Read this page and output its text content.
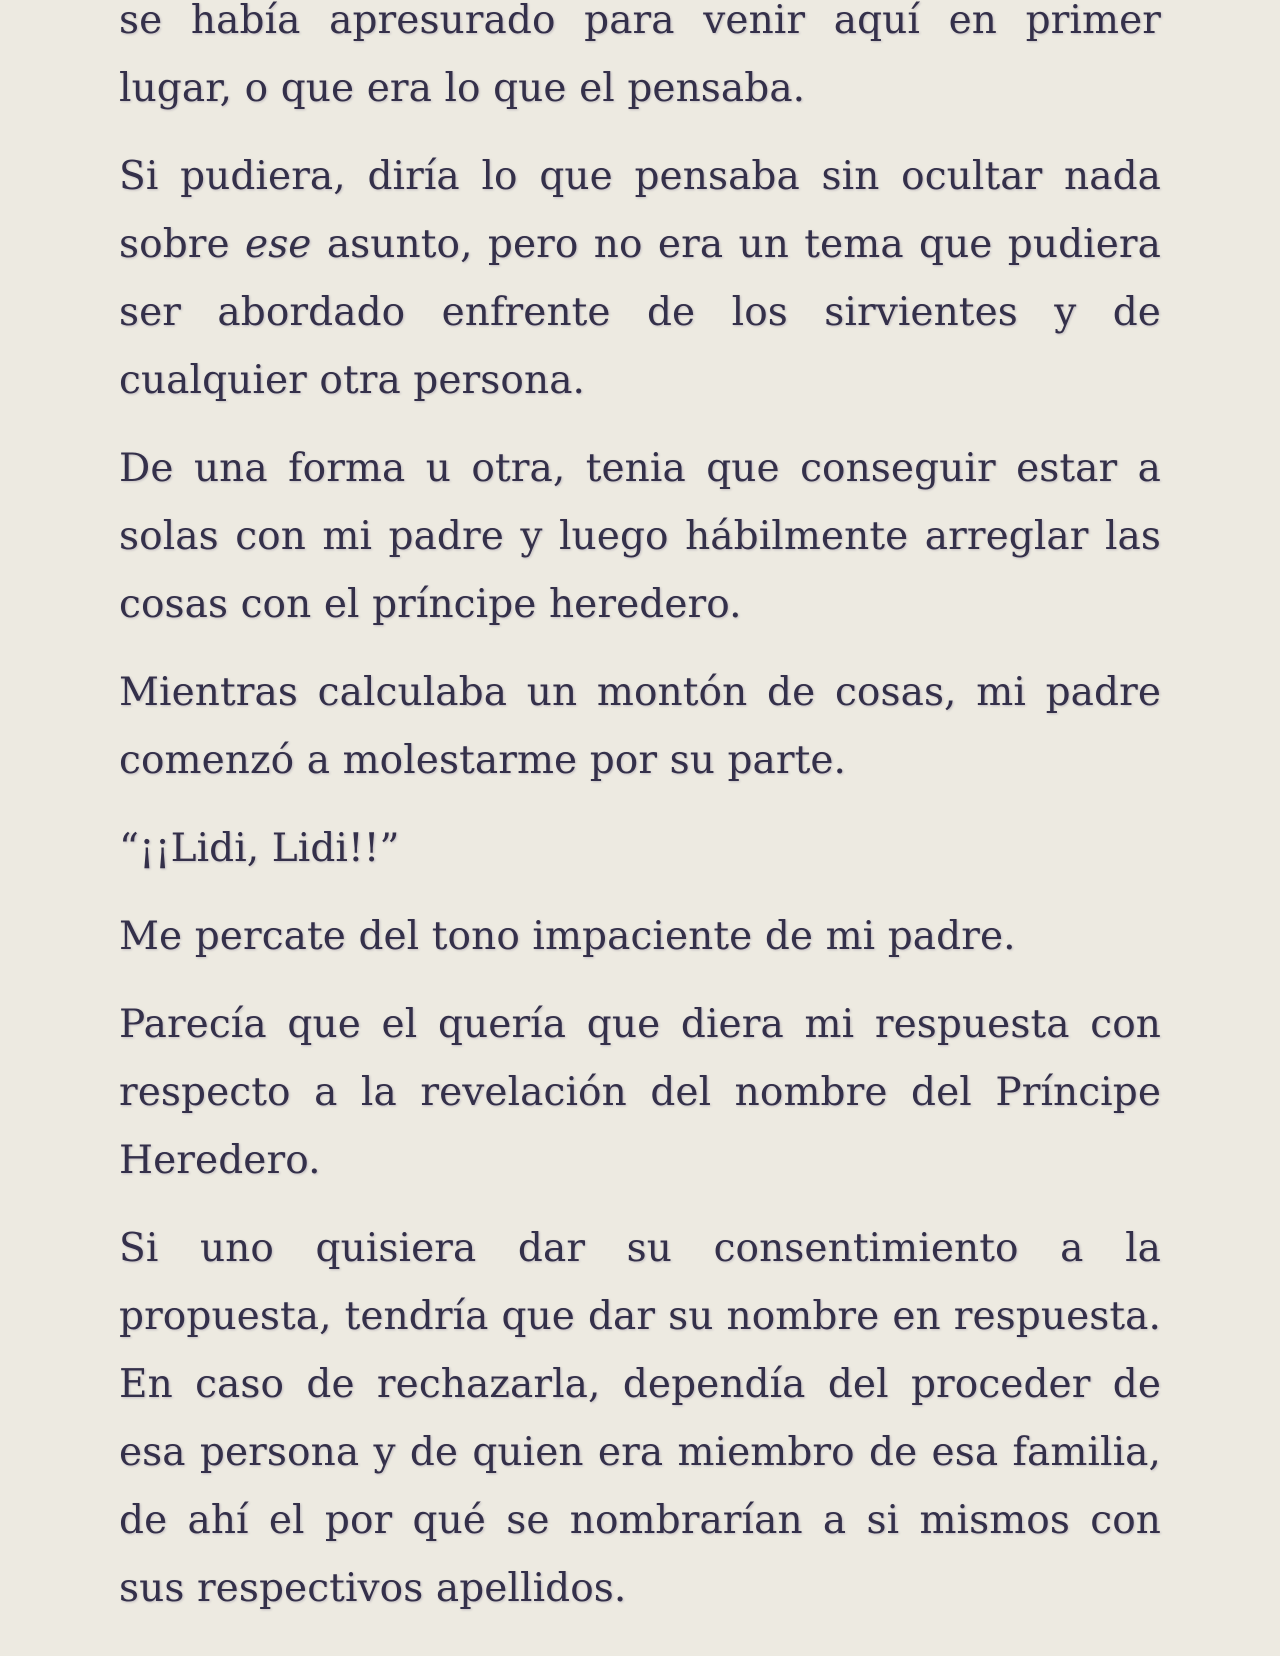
se había apresurado para venir aquí en primer lugar, o que era lo que el pensaba.

Si pudiera, diría lo que pensaba sin ocultar nada sobre ese asunto, pero no era un tema que pudiera ser abordado enfrente de los sirvientes y de cualquier otra persona.

De una forma u otra, tenia que conseguir estar a solas con mi padre y luego hábilmente arreglar las cosas con el príncipe heredero.

Mientras calculaba un montón de cosas, mi padre comenzó a molestarme por su parte.

“¡¡Lidi, Lidi!!”

Me percate del tono impaciente de mi padre.

Parecía que el quería que diera mi respuesta con respecto a la revelación del nombre del Príncipe Heredero.

Si uno quisiera dar su consentimiento a la propuesta, tendría que dar su nombre en respuesta. En caso de rechazarla, dependía del proceder de esa persona y de quien era miembro de esa familia, de ahí el por qué se nombrarían a si mismos con sus respectivos apellidos.
